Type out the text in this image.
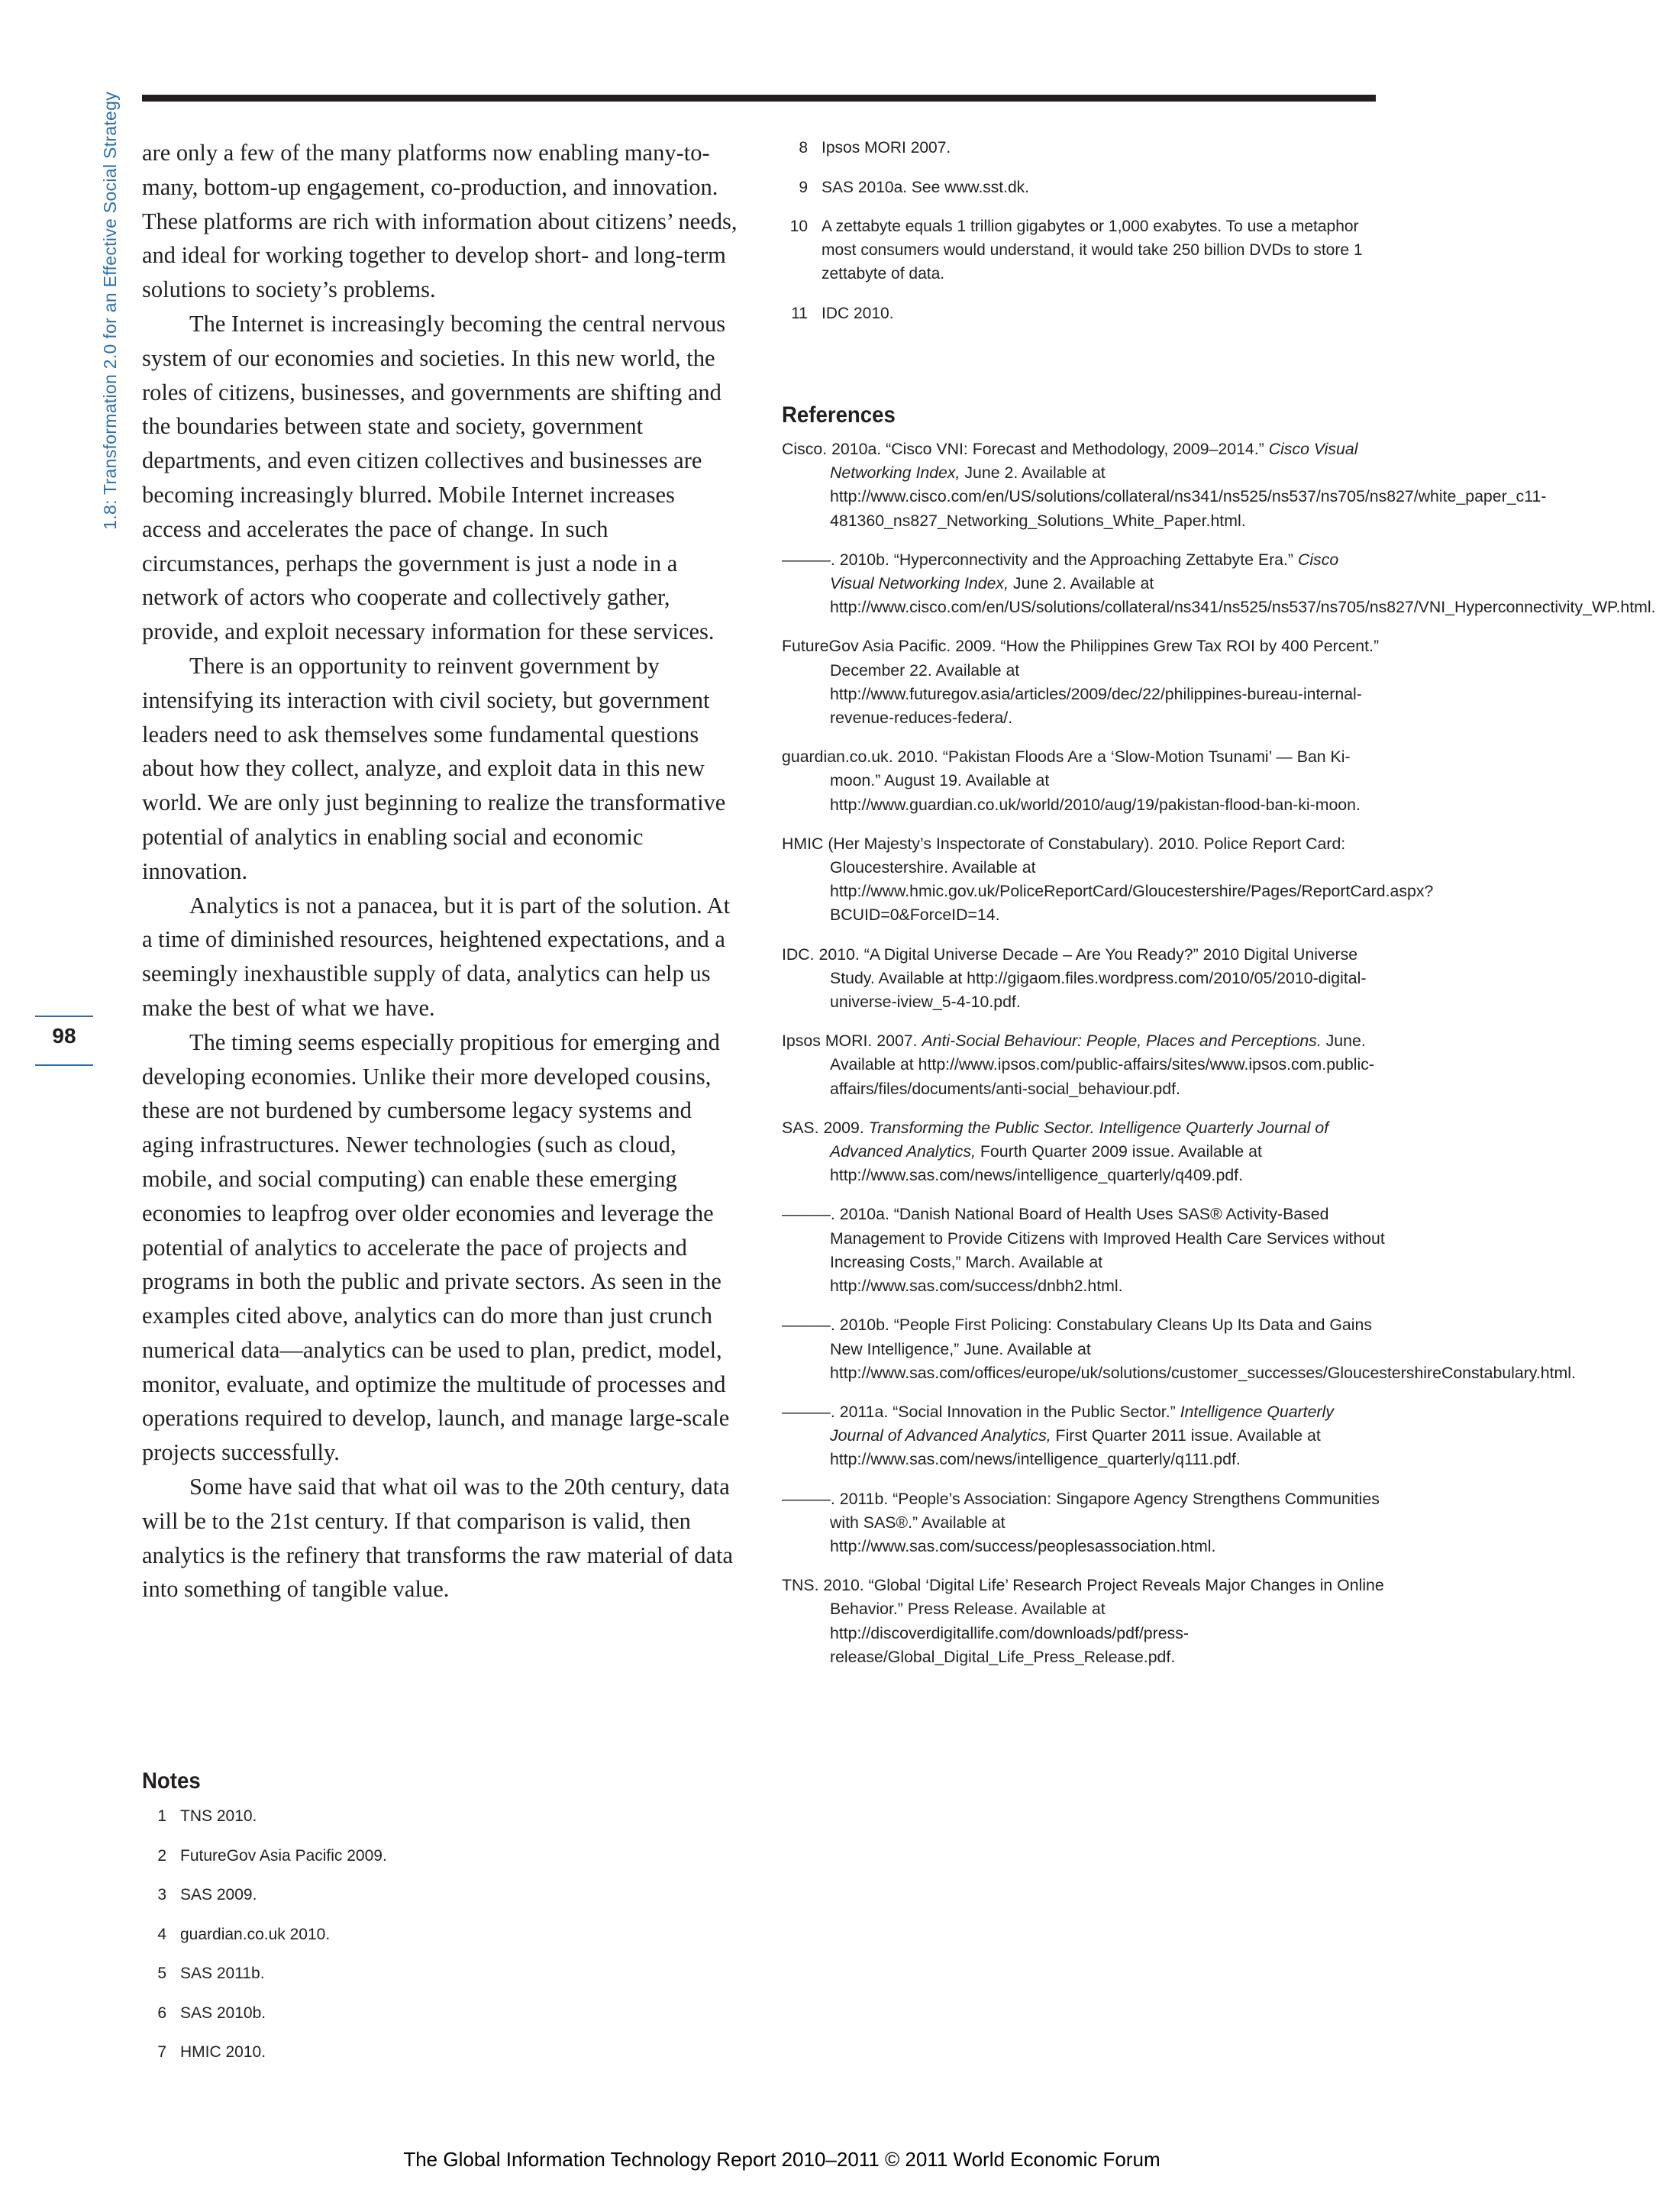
1.8: Transformation 2.0 for an Effective Social Strategy
98

are only a few of the many platforms now enabling many-to-many, bottom-up engagement, co-production, and innovation. These platforms are rich with information about citizens’ needs, and ideal for working together to develop short- and long-term solutions to society’s problems.

The Internet is increasingly becoming the central nervous system of our economies and societies. In this new world, the roles of citizens, businesses, and governments are shifting and the boundaries between state and society, government departments, and even citizen collectives and businesses are becoming increasingly blurred. Mobile Internet increases access and accelerates the pace of change. In such circumstances, perhaps the government is just a node in a network of actors who cooperate and collectively gather, provide, and exploit necessary information for these services.

There is an opportunity to reinvent government by intensifying its interaction with civil society, but government leaders need to ask themselves some fundamental questions about how they collect, analyze, and exploit data in this new world. We are only just beginning to realize the transformative potential of analytics in enabling social and economic innovation.

Analytics is not a panacea, but it is part of the solution. At a time of diminished resources, heightened expectations, and a seemingly inexhaustible supply of data, analytics can help us make the best of what we have.

The timing seems especially propitious for emerging and developing economies. Unlike their more developed cousins, these are not burdened by cumbersome legacy systems and aging infrastructures. Newer technologies (such as cloud, mobile, and social computing) can enable these emerging economies to leapfrog over older economies and leverage the potential of analytics to accelerate the pace of projects and programs in both the public and private sectors. As seen in the examples cited above, analytics can do more than just crunch numerical data—analytics can be used to plan, predict, model, monitor, evaluate, and optimize the multitude of processes and operations required to develop, launch, and manage large-scale projects successfully.

Some have said that what oil was to the 20th century, data will be to the 21st century. If that comparison is valid, then analytics is the refinery that transforms the raw material of data into something of tangible value.

Notes
1 TNS 2010.
2 FutureGov Asia Pacific 2009.
3 SAS 2009.
4 guardian.co.uk 2010.
5 SAS 2011b.
6 SAS 2010b.
7 HMIC 2010.
8 Ipsos MORI 2007.
9 SAS 2010a. See www.sst.dk.
10 A zettabyte equals 1 trillion gigabytes or 1,000 exabytes. To use a metaphor most consumers would understand, it would take 250 billion DVDs to store 1 zettabyte of data.
11 IDC 2010.
References
Cisco. 2010a. “Cisco VNI: Forecast and Methodology, 2009–2014.” Cisco Visual Networking Index, June 2. Available at http://www.cisco.com/en/US/solutions/collateral/ns341/ns525/ns537/ns705/ns827/white_paper_c11-481360_ns827_Networking_Solutions_White_Paper.html.
———. 2010b. “Hyperconnectivity and the Approaching Zettabyte Era.” Cisco Visual Networking Index, June 2. Available at http://www.cisco.com/en/US/solutions/collateral/ns341/ns525/ns537/ns705/ns827/VNI_Hyperconnectivity_WP.html.
FutureGov Asia Pacific. 2009. “How the Philippines Grew Tax ROI by 400 Percent.” December 22. Available at http://www.futuregov.asia/articles/2009/dec/22/philippines-bureau-internal-revenue-reduces-federa/.
guardian.co.uk. 2010. “Pakistan Floods Are a ‘Slow-Motion Tsunami’ — Ban Ki-moon.” August 19. Available at http://www.guardian.co.uk/world/2010/aug/19/pakistan-flood-ban-ki-moon.
HMIC (Her Majesty’s Inspectorate of Constabulary). 2010. Police Report Card: Gloucestershire. Available at http://www.hmic.gov.uk/PoliceReportCard/Gloucestershire/Pages/ReportCard.aspx?BCUID=0&ForceID=14.
IDC. 2010. “A Digital Universe Decade – Are You Ready?” 2010 Digital Universe Study. Available at http://gigaom.files.wordpress.com/2010/05/2010-digital-universe-iview_5-4-10.pdf.
Ipsos MORI. 2007. Anti-Social Behaviour: People, Places and Perceptions. June. Available at http://www.ipsos.com/public-affairs/sites/www.ipsos.com.public-affairs/files/documents/anti-social_behaviour.pdf.
SAS. 2009. Transforming the Public Sector. Intelligence Quarterly Journal of Advanced Analytics, Fourth Quarter 2009 issue. Available at http://www.sas.com/news/intelligence_quarterly/q409.pdf.
———. 2010a. “Danish National Board of Health Uses SAS® Activity-Based Management to Provide Citizens with Improved Health Care Services without Increasing Costs,” March. Available at http://www.sas.com/success/dnbh2.html.
———. 2010b. “People First Policing: Constabulary Cleans Up Its Data and Gains New Intelligence,” June. Available at http://www.sas.com/offices/europe/uk/solutions/customer_successes/GloucestershireConstabulary.html.
———. 2011a. “Social Innovation in the Public Sector.” Intelligence Quarterly Journal of Advanced Analytics, First Quarter 2011 issue. Available at http://www.sas.com/news/intelligence_quarterly/q111.pdf.
———. 2011b. “People’s Association: Singapore Agency Strengthens Communities with SAS®.” Available at http://www.sas.com/success/peoplesassociation.html.
TNS. 2010. “Global ‘Digital Life’ Research Project Reveals Major Changes in Online Behavior.” Press Release. Available at http://discoverdigitallife.com/downloads/pdf/press-release/Global_Digital_Life_Press_Release.pdf.
The Global Information Technology Report 2010–2011 © 2011 World Economic Forum
